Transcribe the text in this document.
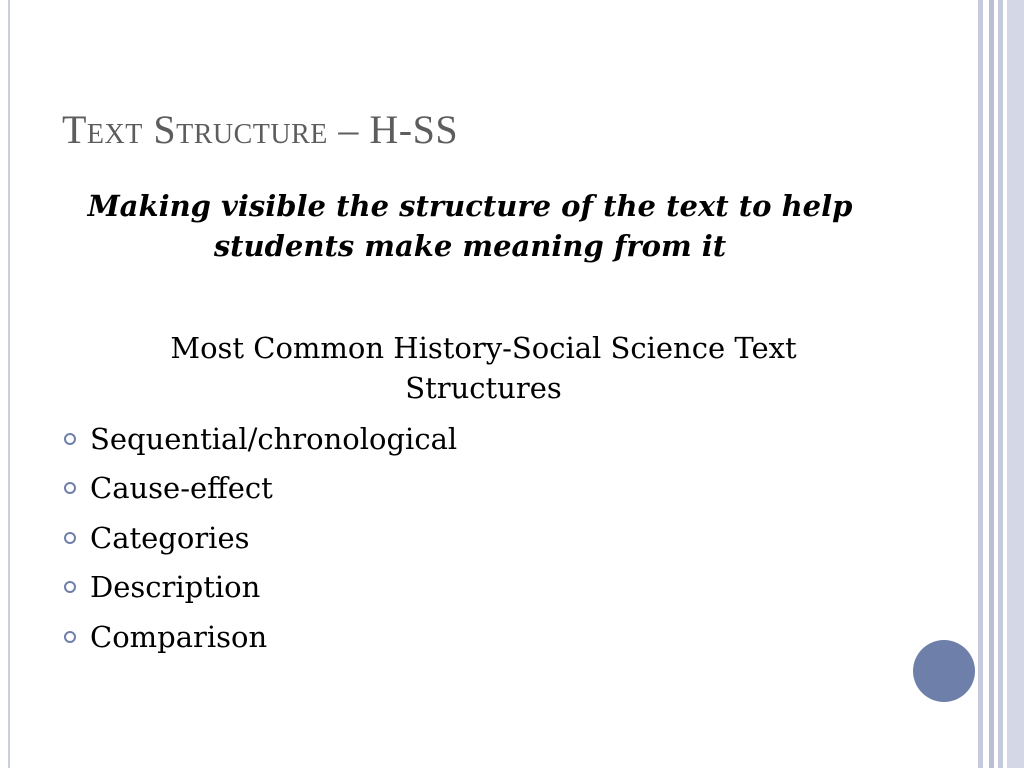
Text Structure – H-SS
Making visible the structure of the text to help students make meaning from it
Most Common History-Social Science Text Structures
Sequential/chronological
Cause-effect
Categories
Description
Comparison
